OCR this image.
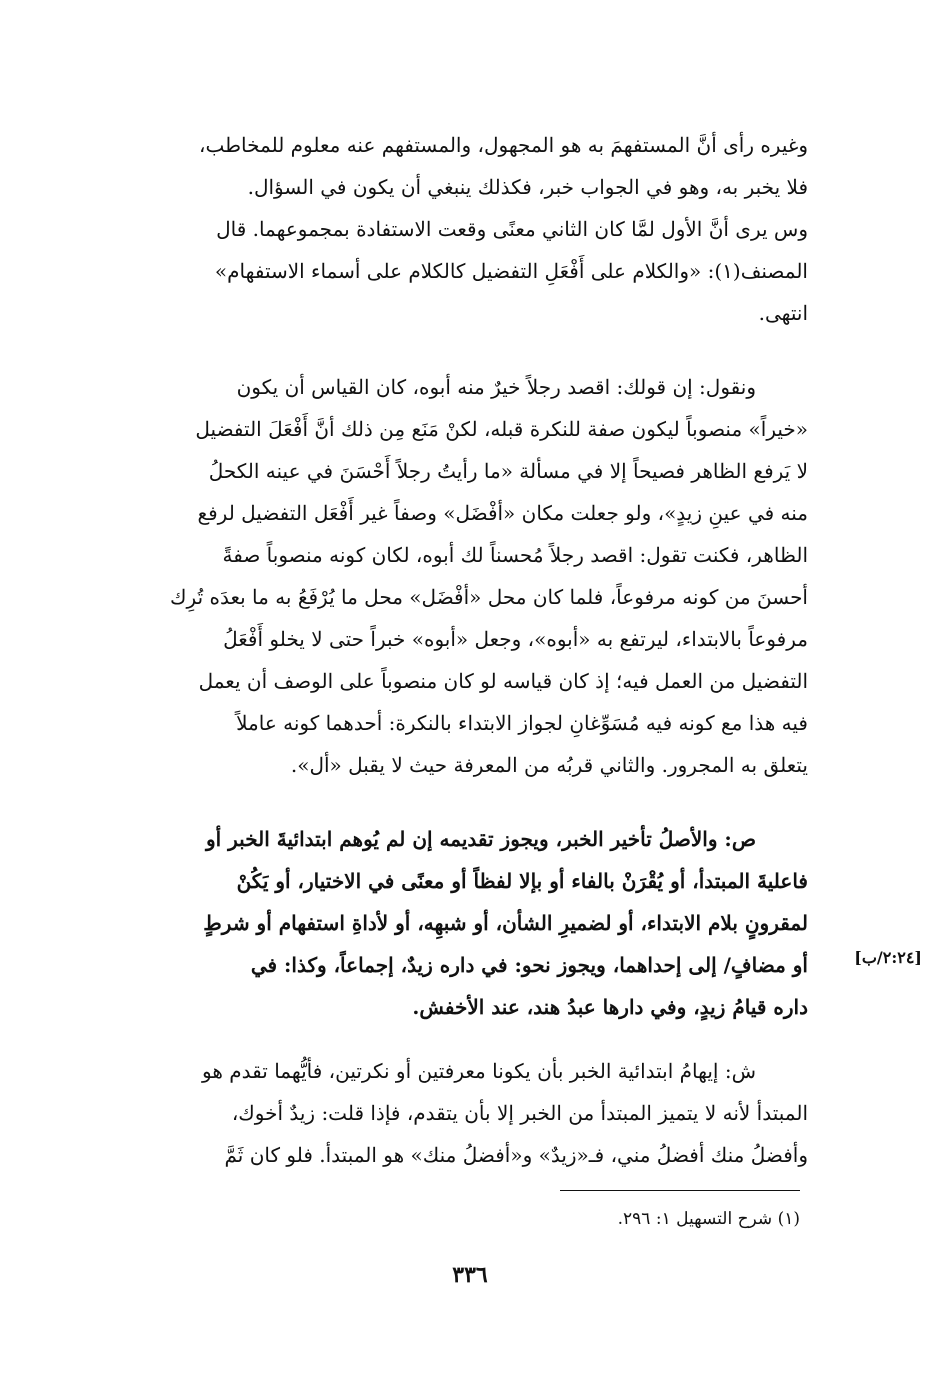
وغيره رأى أنَّ المستفهمَ به هو المجهول، والمستفهم عنه معلوم للمخاطب،
فلا يخبر به، وهو في الجواب خبر، فكذلك ينبغي أن يكون في السؤال.
وس يرى أنَّ الأول لمَّا كان الثاني معنًى وقعت الاستفادة بمجموعهما. قال
المصنف(١): «والكلام على أَفْعَلِ التفضيل كالكلام على أسماء الاستفهام»
انتهى.
ونقول: إن قولك: اقصد رجلاً خيرٌ منه أبوه، كان القياس أن يكون
«خيراً» منصوباً ليكون صفة للنكرة قبله، لكنْ مَنَع مِن ذلك أنَّ أَفْعَلَ التفضيل
لا يَرفع الظاهر فصيحاً إلا في مسألة «ما رأيتُ رجلاً أَحْسَنَ في عينه الكحلُ
منه في عينِ زيدٍ»، ولو جعلت مكان «أفْضَل» وصفاً غير أَفْعَل التفضيل لرفع
الظاهر، فكنت تقول: اقصد رجلاً مُحسناً لك أبوه، لكان كونه منصوباً صفةً
أحسنَ من كونه مرفوعاً، فلما كان محل «أفْضَل» محل ما يُرْفَعُ به ما بعدَه تُرِك
مرفوعاً بالابتداء، ليرتفع به «أبوه»، وجعل «أبوه» خبراً حتى لا يخلو أَفْعَلُ
التفضيل من العمل فيه؛ إذ كان قياسه لو كان منصوباً على الوصف أن يعمل
فيه هذا مع كونه فيه مُسَوِّغانِ لجواز الابتداء بالنكرة: أحدهما كونه عاملاً
يتعلق به المجرور. والثاني قربُه من المعرفة حيث لا يقبل «أل».
ص: والأصلُ تأخير الخبر، ويجوز تقديمه إن لم يُوهم ابتدائيةَ الخبر أو
فاعليةَ المبتدأ، أو يُقْرَنْ بالفاء أو بإلا لفظاً أو معنًى في الاختيار، أو يَكُنْ
لمقرونٍ بلام الابتداء، أو لضميرِ الشأن، أو شبهِه، أو لأداةِ استفهام أو شرطٍ
أو مضافٍ/ إلى إحداهما، ويجوز نحو: في داره زيدٌ، إجماعاً، وكذا: في
داره قيامُ زيدٍ، وفي دارها عبدُ هند، عند الأخفش.
[٢:٢٤/ب]
ش: إيهامُ ابتدائية الخبر بأن يكونا معرفتين أو نكرتين، فأيُّهما تقدم هو
المبتدأ لأنه لا يتميز المبتدأ من الخبر إلا بأن يتقدم، فإذا قلت: زيدٌ أخوك،
وأفضلُ منك أفضلُ مني، فـ«زيدٌ» و«أفضلُ منك» هو المبتدأ. فلو كان ثَمَّ
(١) شرح التسهيل ١: ٢٩٦.
٣٣٦
